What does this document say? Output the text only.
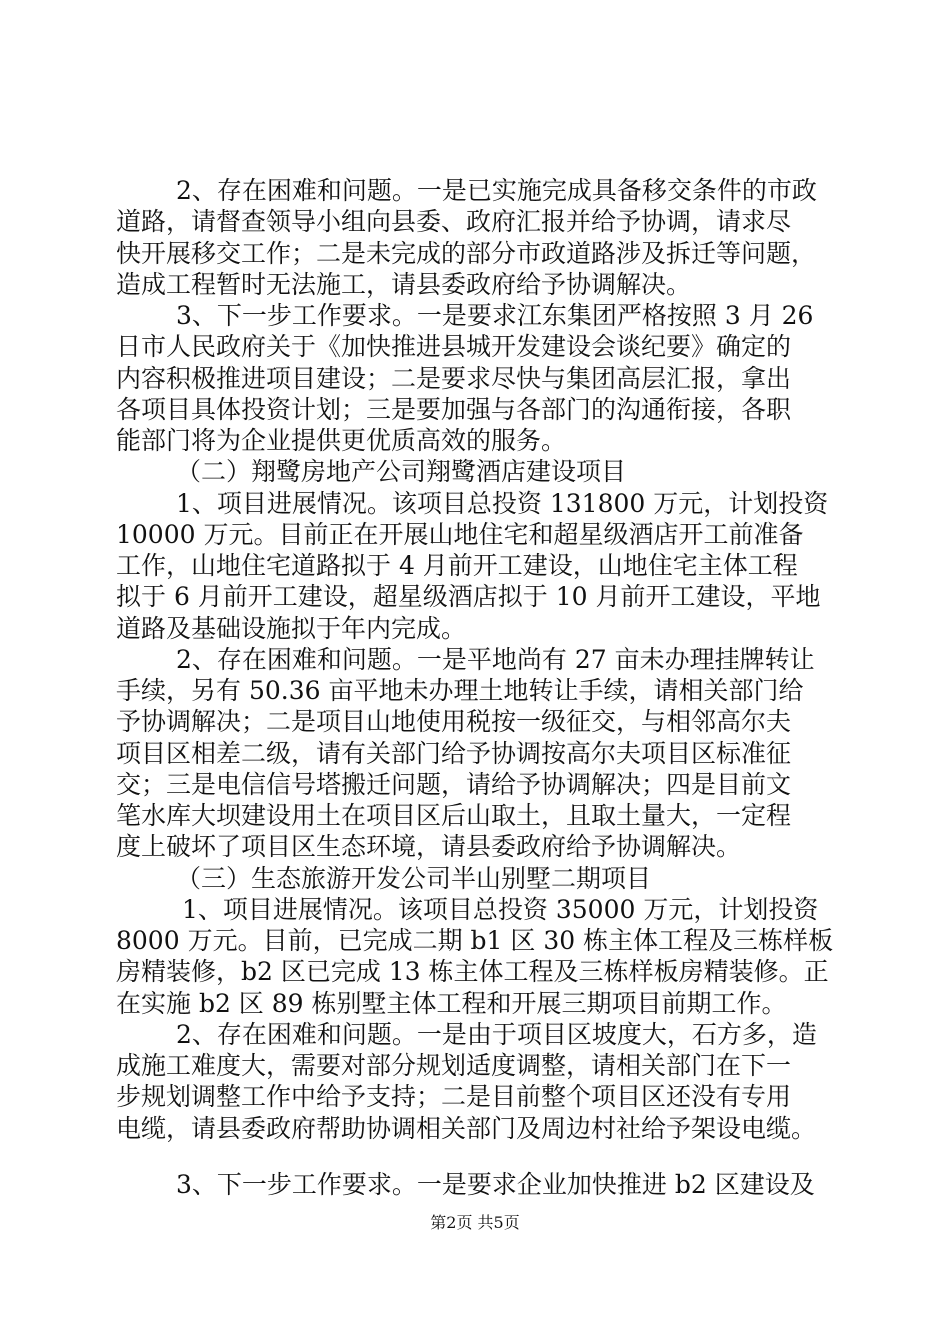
2、存在困难和问题。一是已实施完成具备移交条件的市政

道路，请督查领导小组向县委、政府汇报并给予协调，请求尽

快开展移交工作；二是未完成的部分市政道路涉及拆迁等问题，

造成工程暂时无法施工，请县委政府给予协调解决。

3、下一步工作要求。一是要求江东集团严格按照 3 月 26

日市人民政府关于《加快推进县城开发建设会谈纪要》确定的

内容积极推进项目建设；二是要求尽快与集团高层汇报，拿出

各项目具体投资计划；三是要加强与各部门的沟通衔接，各职

能部门将为企业提供更优质高效的服务。

（二）翔鹭房地产公司翔鹭酒店建设项目

1、项目进展情况。该项目总投资 131800 万元，计划投资

10000 万元。目前正在开展山地住宅和超星级酒店开工前准备

工作，山地住宅道路拟于 4 月前开工建设，山地住宅主体工程

拟于 6 月前开工建设，超星级酒店拟于 10 月前开工建设，平地

道路及基础设施拟于年内完成。

2、存在困难和问题。一是平地尚有 27 亩未办理挂牌转让

手续，另有 50.36 亩平地未办理土地转让手续，请相关部门给

予协调解决；二是项目山地使用税按一级征交，与相邻高尔夫

项目区相差二级，请有关部门给予协调按高尔夫项目区标准征

交；三是电信信号塔搬迁问题，请给予协调解决；四是目前文

笔水库大坝建设用土在项目区后山取土，且取土量大，一定程

度上破坏了项目区生态环境，请县委政府给予协调解决。

（三）生态旅游开发公司半山别墅二期项目

1、项目进展情况。该项目总投资 35000 万元，计划投资

8000 万元。目前，已完成二期 b1 区 30 栋主体工程及三栋样板

房精装修，b2 区已完成 13 栋主体工程及三栋样板房精装修。正

在实施 b2 区 89 栋别墅主体工程和开展三期项目前期工作。

2、存在困难和问题。一是由于项目区坡度大，石方多，造

成施工难度大，需要对部分规划适度调整，请相关部门在下一

步规划调整工作中给予支持；二是目前整个项目区还没有专用

电缆，请县委政府帮助协调相关部门及周边村社给予架设电缆。

3、下一步工作要求。一是要求企业加快推进 b2 区建设及

第2页 共5页
